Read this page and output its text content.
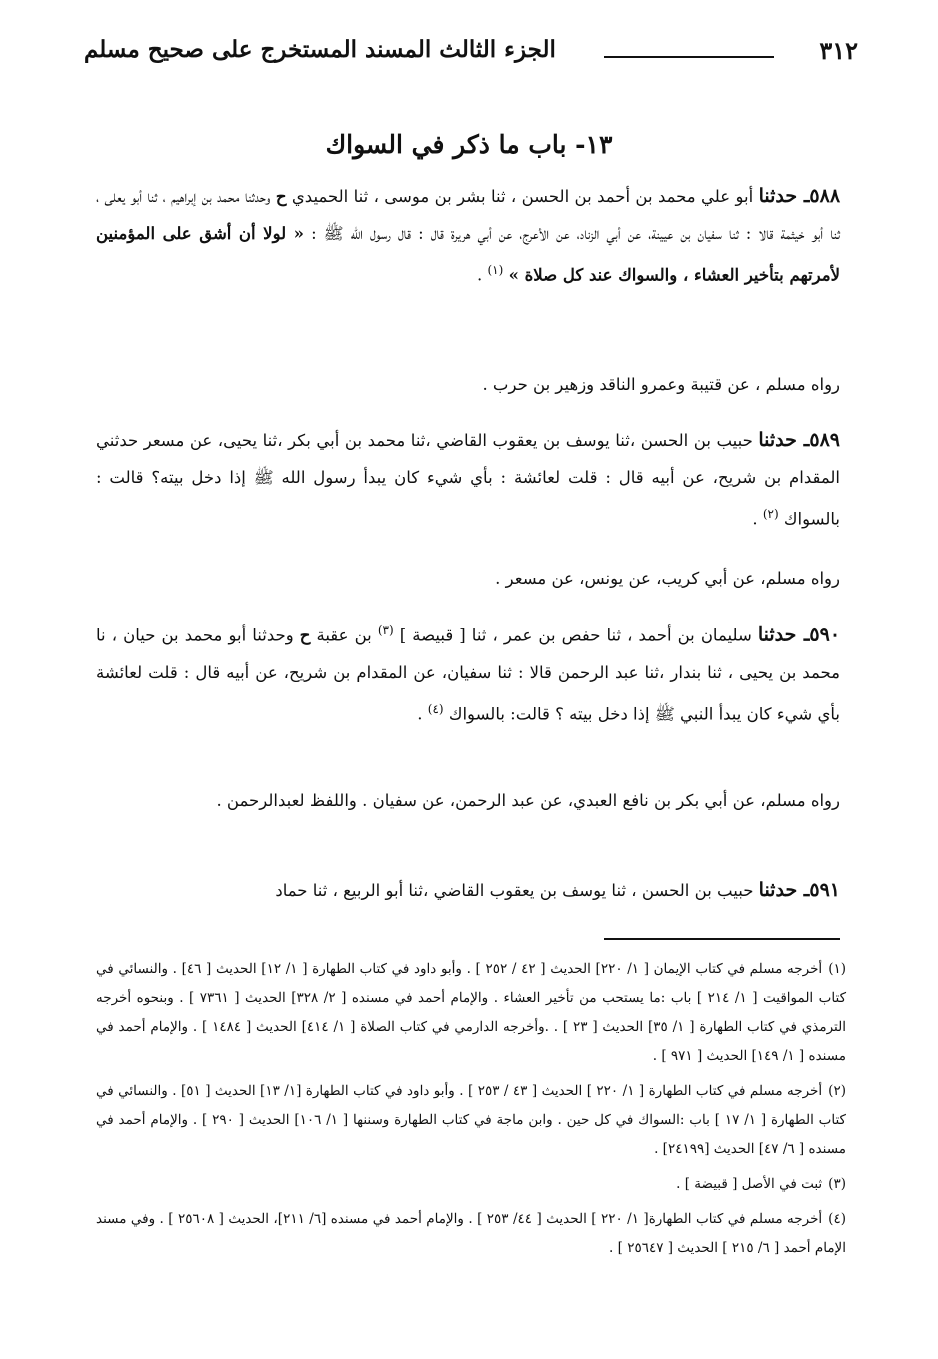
٣١٢
الجزء الثالث المسند المستخرج على صحيح مسلم
١٣- باب ما ذكر في السواك
٥٨٨ـ حدثنا أبو علي محمد بن أحمد بن الحسن ، ثنا بشر بن موسى ، ثنا الحميدي ح وحدثنا محمد بن إبراهيم ، ثنا أبو يعلى ، ثنا أبو خيثمة قالا : ثنا سفيان بن عيينة، عن أبي الزناد، عن الأعرج، عن أبي هريرة قال : قال رسول الله ﷺ : « لولا أن أشق على المؤمنين لأمرتهم بتأخير العشاء ، والسواك عند كل صلاة » $^{(١)}$ .
رواه مسلم ، عن قتيبة وعمرو الناقد وزهير بن حرب .
٥٨٩ـ حدثنا حبيب بن الحسن ،ثنا يوسف بن يعقوب القاضي ،ثنا محمد بن أبي بكر ،ثنا يحيى، عن مسعر حدثني المقدام بن شريح، عن أبيه قال : قلت لعائشة : بأي شيء كان يبدأ رسول الله ﷺ إذا دخل بيته؟ قالت : بالسواك $^{(٢)}$ .
رواه مسلم، عن أبي كريب، عن يونس، عن مسعر .
٥٩٠ـ حدثنا سليمان بن أحمد ، ثنا حفص بن عمر ، ثنا [ قبيصة ] $^{(٣)}$ بن عقبة ح وحدثنا أبو محمد بن حيان ، نا محمد بن يحيى ، ثنا بندار ،ثنا عبد الرحمن قالا : ثنا سفيان، عن المقدام بن شريح، عن أبيه قال : قلت لعائشة بأي شيء كان يبدأ النبي ﷺ إذا دخل بيته ؟ قالت: بالسواك $^{(٤)}$ .
رواه مسلم، عن أبي بكر بن نافع العبدي، عن عبد الرحمن، عن سفيان . واللفظ لعبدالرحمن .
٥٩١ـ حدثنا حبيب بن الحسن ، ثنا يوسف بن يعقوب القاضي ،ثنا أبو الربيع ، ثنا حماد

(١)أخرجه مسلم في كتاب الإيمان [ ١/ ٢٢٠] الحديث [ ٤٢ / ٢٥٢ ] . وأبو داود في كتاب الطهارة [ ١/ ١٢] الحديث [ ٤٦] . والنسائي في كتاب المواقيت [ ١/ ٢١٤ ] باب :ما يستحب من تأخير العشاء . والإمام أحمد في مسنده [ ٢/ ٣٢٨] الحديث [ ٧٣٦١ ] . وبنحوه أخرجه الترمذي في كتاب الطهارة [ ١/ ٣٥] الحديث [ ٢٣ ] . .وأخرجه الدارمي في كتاب الصلاة [ ١/ ٤١٤] الحديث [ ١٤٨٤ ] . والإمام أحمد في مسنده [ ١/ ١٤٩] الحديث [ ٩٧١ ] .

(٢)أخرجه مسلم في كتاب الطهارة [ ١/ ٢٢٠ ] الحديث [ ٤٣ / ٢٥٣ ] . وأبو داود في كتاب الطهارة [١/ ١٣] الحديث [ ٥١] . والنسائي في كتاب الطهارة [ ١/ ١٧ ] باب :السواك في كل حين . وابن ماجة في كتاب الطهارة وسننها [ ١/ ١٠٦] الحديث [ ٢٩٠ ] . والإمام أحمد في مسنده [ ٦/ ٤٧] الحديث [٢٤١٩٩] .

(٣)ثبت في الأصل [ قبيضة ] .

(٤)أخرجه مسلم في كتاب الطهارة[ ١/ ٢٢٠ ] الحديث [ ٤٤/ ٢٥٣ ] . والإمام أحمد في مسنده [٦/ ٢١١]، الحديث [ ٢٥٦٠٨ ] . وفي مسند الإمام أحمد [ ٦/ ٢١٥ ] الحديث [ ٢٥٦٤٧ ] .
